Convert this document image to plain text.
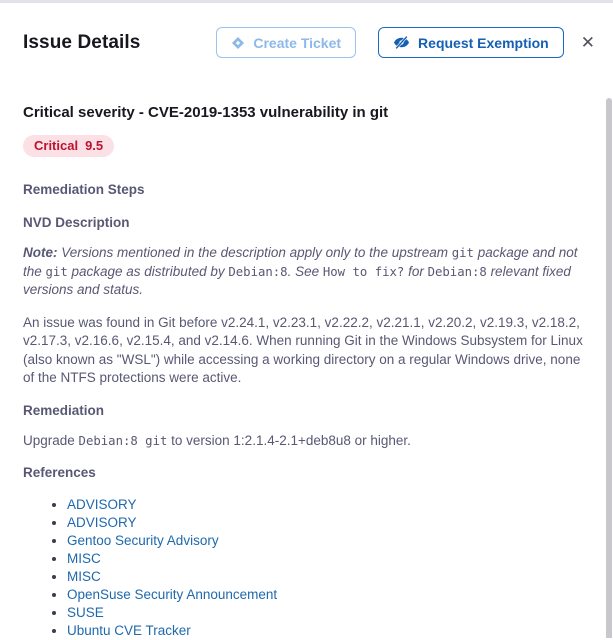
Issue Details	Create Ticket	Request Exemption ✕
Critical severity - CVE-2019-1353 vulnerability in git
Critical 9.5
Remediation Steps
NVD Description

Note: Versions mentioned in the description apply only to the upstream git package and not the git package as distributed by Debian:8. See How to fix? for Debian:8 relevant fixed versions and status.

An issue was found in Git before v2.24.1, v2.23.1, v2.22.2, v2.21.1, v2.20.2, v2.19.3, v2.18.2, v2.17.3, v2.16.6, v2.15.4, and v2.14.6. When running Git in the Windows Subsystem for Linux (also known as "WSL") while accessing a working directory on a regular Windows drive, none of the NTFS protections were active.

Remediation

Upgrade Debian:8 git to version 1:2.1.4-2.1+deb8u8 or higher.

References
• ADVISORY
• ADVISORY
• Gentoo Security Advisory
• MISC
• MISC
• OpenSuse Security Announcement
• SUSE
• Ubuntu CVE Tracker
